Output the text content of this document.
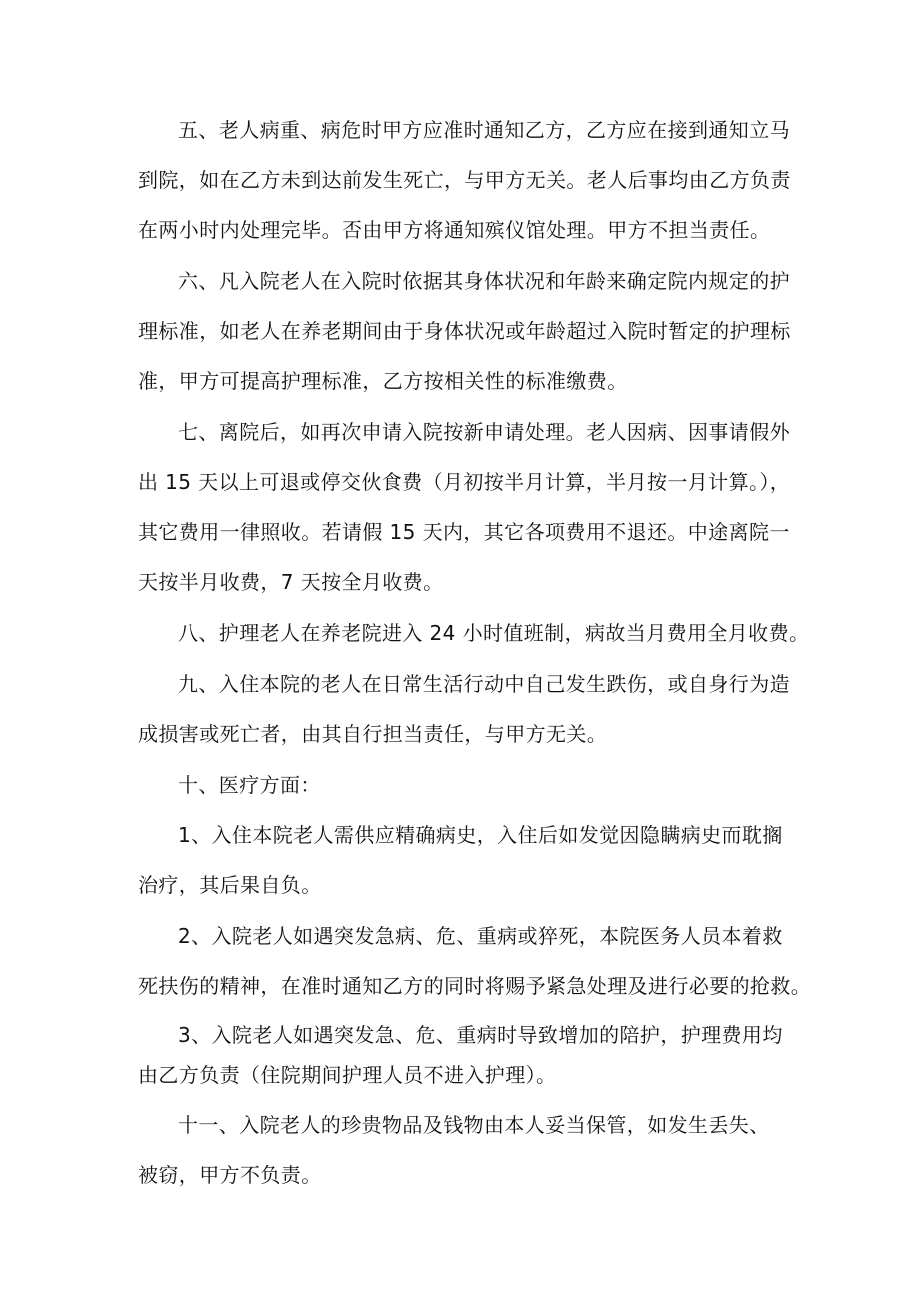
五、老人病重、病危时甲方应准时通知乙方，乙方应在接到通知立马
到院，如在乙方未到达前发生死亡，与甲方无关。老人后事均由乙方负责
在两小时内处理完毕。否由甲方将通知殡仪馆处理。甲方不担当责任。
六、凡入院老人在入院时依据其身体状况和年龄来确定院内规定的护
理标准，如老人在养老期间由于身体状况或年龄超过入院时暂定的护理标
准，甲方可提高护理标准，乙方按相关性的标准缴费。
七、离院后，如再次申请入院按新申请处理。老人因病、因事请假外
出 15 天以上可退或停交伙食费（月初按半月计算，半月按一月计算。），
其它费用一律照收。若请假 15 天内，其它各项费用不退还。中途离院一
天按半月收费，7 天按全月收费。
八、护理老人在养老院进入 24 小时值班制，病故当月费用全月收费。
九、入住本院的老人在日常生活行动中自己发生跌伤，或自身行为造
成损害或死亡者，由其自行担当责任，与甲方无关。
十、医疗方面：
1、入住本院老人需供应精确病史，入住后如发觉因隐瞒病史而耽搁
治疗，其后果自负。
2、入院老人如遇突发急病、危、重病或猝死，本院医务人员本着救
死扶伤的精神，在准时通知乙方的同时将赐予紧急处理及进行必要的抢救。
3、入院老人如遇突发急、危、重病时导致增加的陪护，护理费用均
由乙方负责（住院期间护理人员不进入护理）。
十一、入院老人的珍贵物品及钱物由本人妥当保管，如发生丢失、
被窃，甲方不负责。
